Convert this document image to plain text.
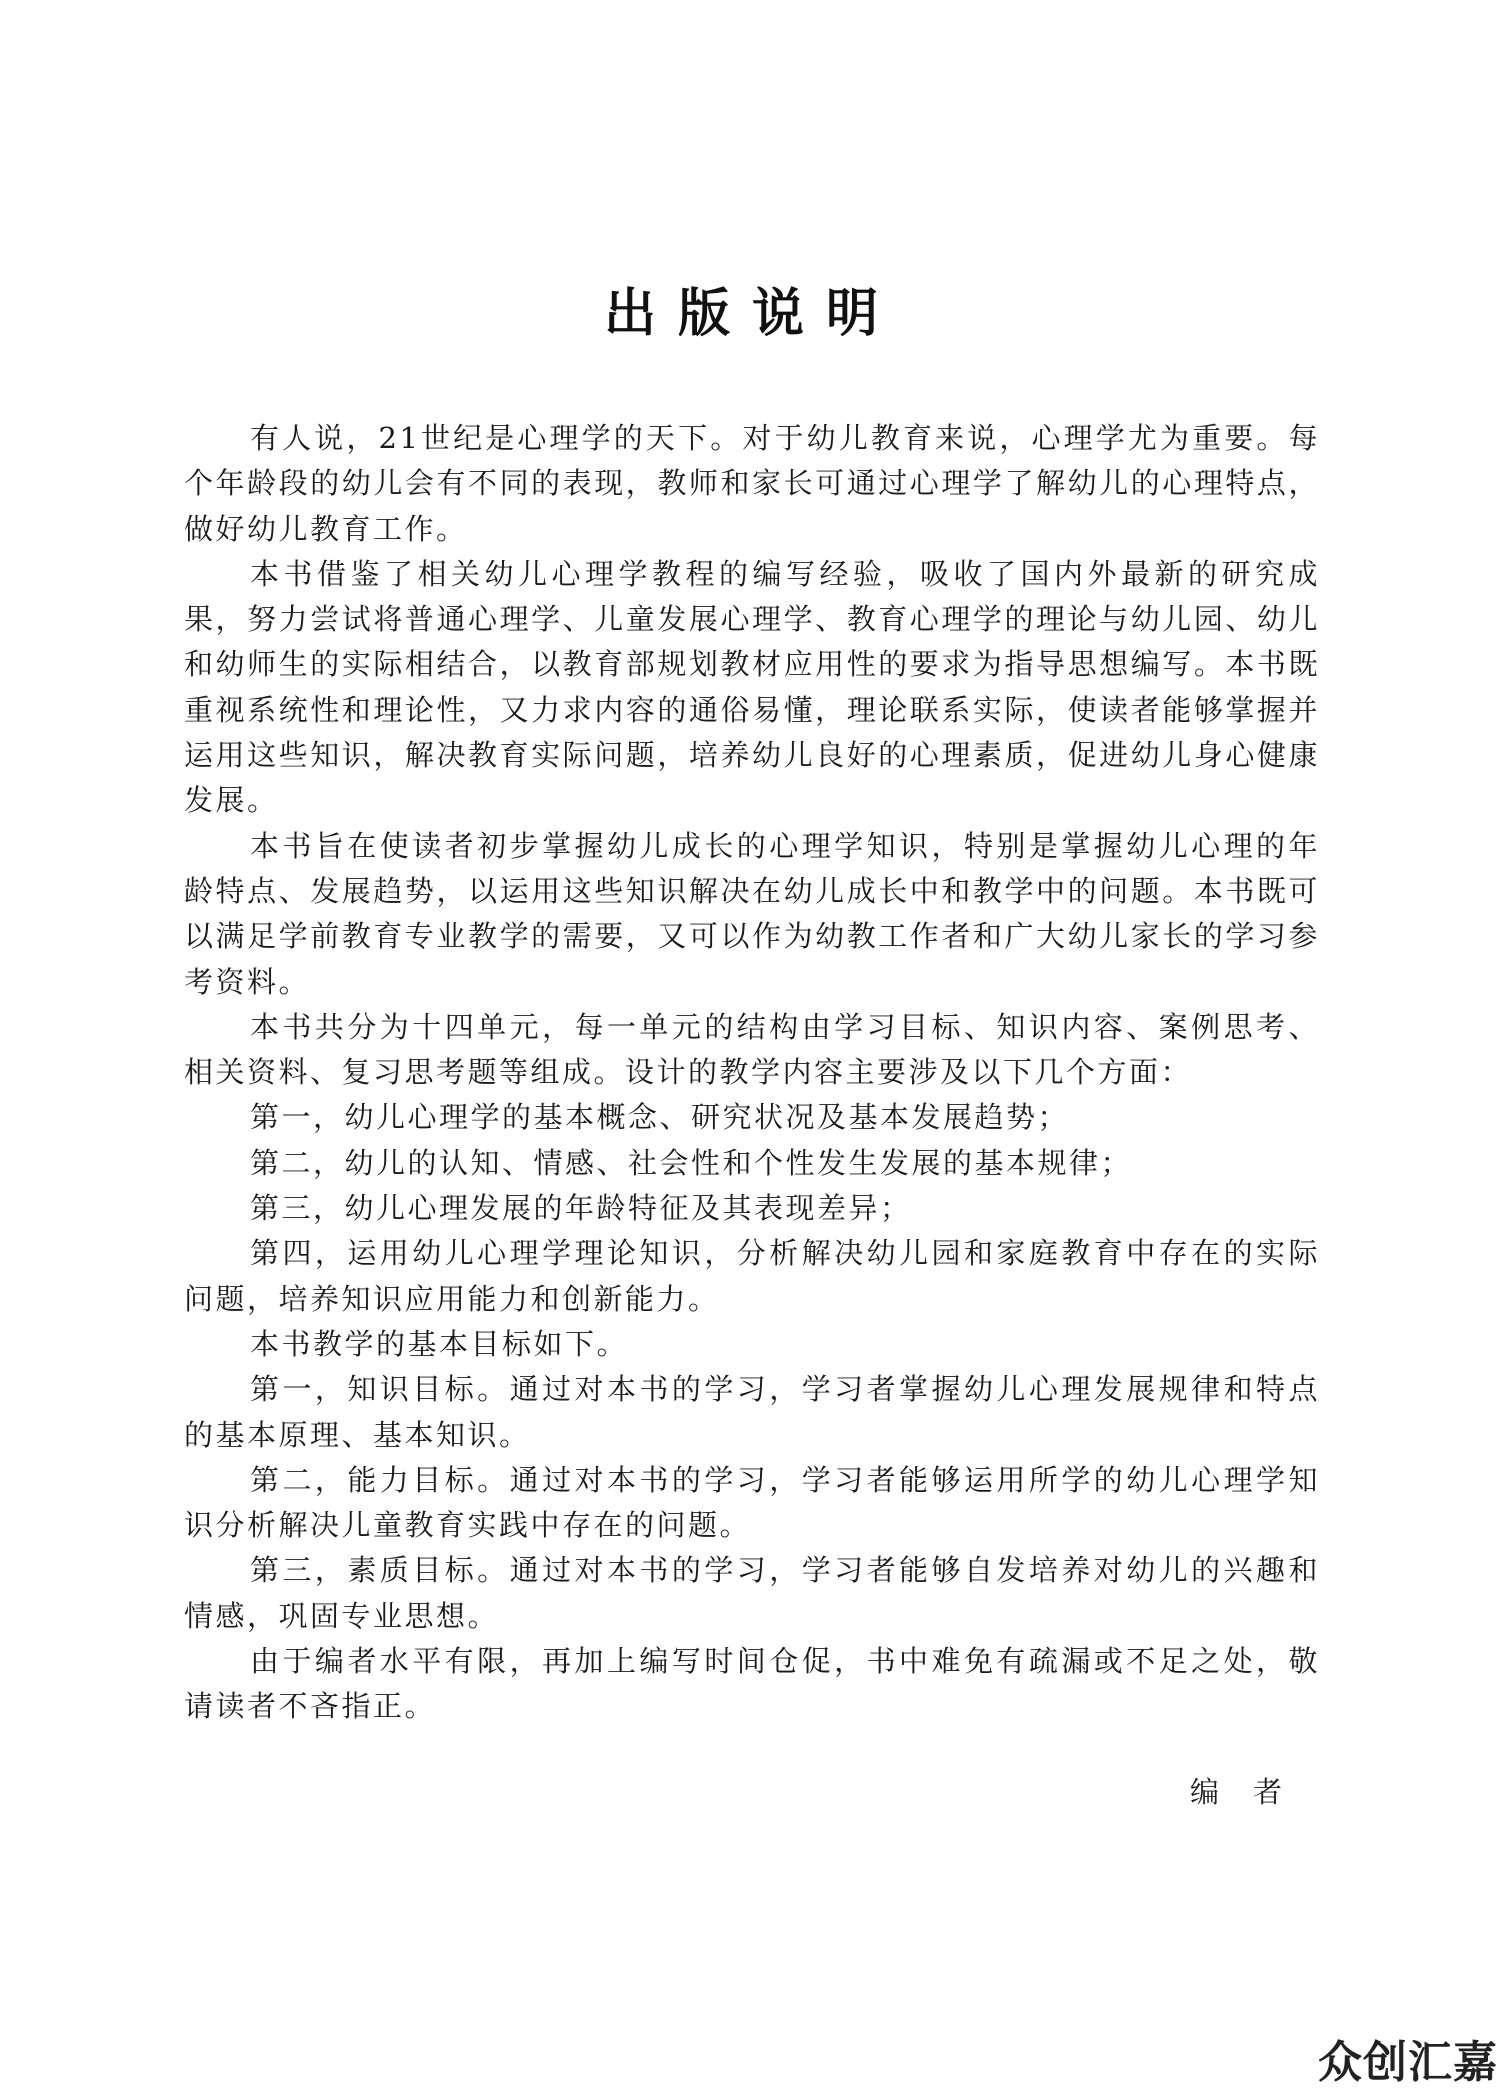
出版说明

有人说，21世纪是心理学的天下。对于幼儿教育来说，心理学尤为重要。每个年龄段的幼儿会有不同的表现，教师和家长可通过心理学了解幼儿的心理特点，做好幼儿教育工作。

本书借鉴了相关幼儿心理学教程的编写经验，吸收了国内外最新的研究成果，努力尝试将普通心理学、儿童发展心理学、教育心理学的理论与幼儿园、幼儿和幼师生的实际相结合，以教育部规划教材应用性的要求为指导思想编写。本书既重视系统性和理论性，又力求内容的通俗易懂，理论联系实际，使读者能够掌握并运用这些知识，解决教育实际问题，培养幼儿良好的心理素质，促进幼儿身心健康发展。

本书旨在使读者初步掌握幼儿成长的心理学知识，特别是掌握幼儿心理的年龄特点、发展趋势，以运用这些知识解决在幼儿成长中和教学中的问题。本书既可以满足学前教育专业教学的需要，又可以作为幼教工作者和广大幼儿家长的学习参考资料。

本书共分为十四单元，每一单元的结构由学习目标、知识内容、案例思考、相关资料、复习思考题等组成。设计的教学内容主要涉及以下几个方面：

第一，幼儿心理学的基本概念、研究状况及基本发展趋势；

第二，幼儿的认知、情感、社会性和个性发生发展的基本规律；

第三，幼儿心理发展的年龄特征及其表现差异；

第四，运用幼儿心理学理论知识，分析解决幼儿园和家庭教育中存在的实际问题，培养知识应用能力和创新能力。

本书教学的基本目标如下。

第一，知识目标。通过对本书的学习，学习者掌握幼儿心理发展规律和特点的基本原理、基本知识。

第二，能力目标。通过对本书的学习，学习者能够运用所学的幼儿心理学知识分析解决儿童教育实践中存在的问题。

第三，素质目标。通过对本书的学习，学习者能够自发培养对幼儿的兴趣和情感，巩固专业思想。

由于编者水平有限，再加上编写时间仓促，书中难免有疏漏或不足之处，敬请读者不吝指正。

编者
众创汇嘉
